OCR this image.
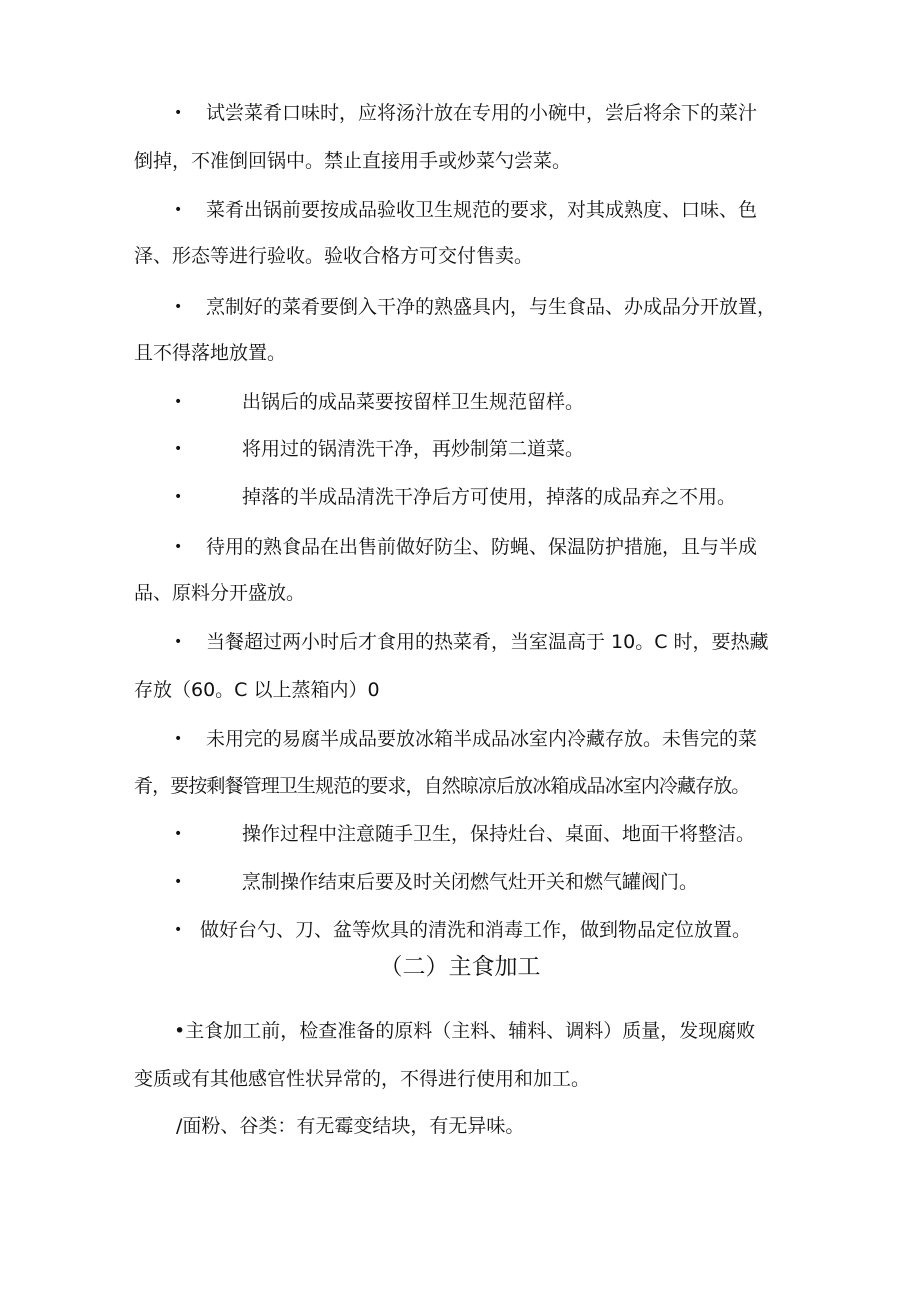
• 试尝菜肴口味时，应将汤汁放在专用的小碗中，尝后将余下的菜汁
倒掉，不准倒回锅中。禁止直接用手或炒菜勺尝菜。
• 菜肴出锅前要按成品验收卫生规范的要求，对其成熟度、口味、色
泽、形态等进行验收。验收合格方可交付售卖。
• 烹制好的菜肴要倒入干净的熟盛具内，与生食品、办成品分开放置，
且不得落地放置。
•	出锅后的成品菜要按留样卫生规范留样。
•	将用过的锅清洗干净，再炒制第二道菜。
•	掉落的半成品清洗干净后方可使用，掉落的成品弃之不用。
• 待用的熟食品在出售前做好防尘、防蝇、保温防护措施，且与半成
品、原料分开盛放。
• 当餐超过两小时后才食用的热菜肴，当室温高于 10。C 时，要热藏
存放（60。C 以上蒸箱内）0
• 未用完的易腐半成品要放冰箱半成品冰室内冷藏存放。未售完的菜
肴，要按剩餐管理卫生规范的要求，自然晾凉后放冰箱成品冰室内冷藏存放。
•	操作过程中注意随手卫生，保持灶台、桌面、地面干将整洁。
•	烹制操作结束后要及时关闭燃气灶开关和燃气罐阀门。
• 做好台勺、刀、盆等炊具的清洗和消毒工作，做到物品定位放置。
（二）主食加工
•主食加工前，检查准备的原料（主料、辅料、调料）质量，发现腐败
变质或有其他感官性状异常的，不得进行使用和加工。
/面粉、谷类：有无霉变结块，有无异味。
